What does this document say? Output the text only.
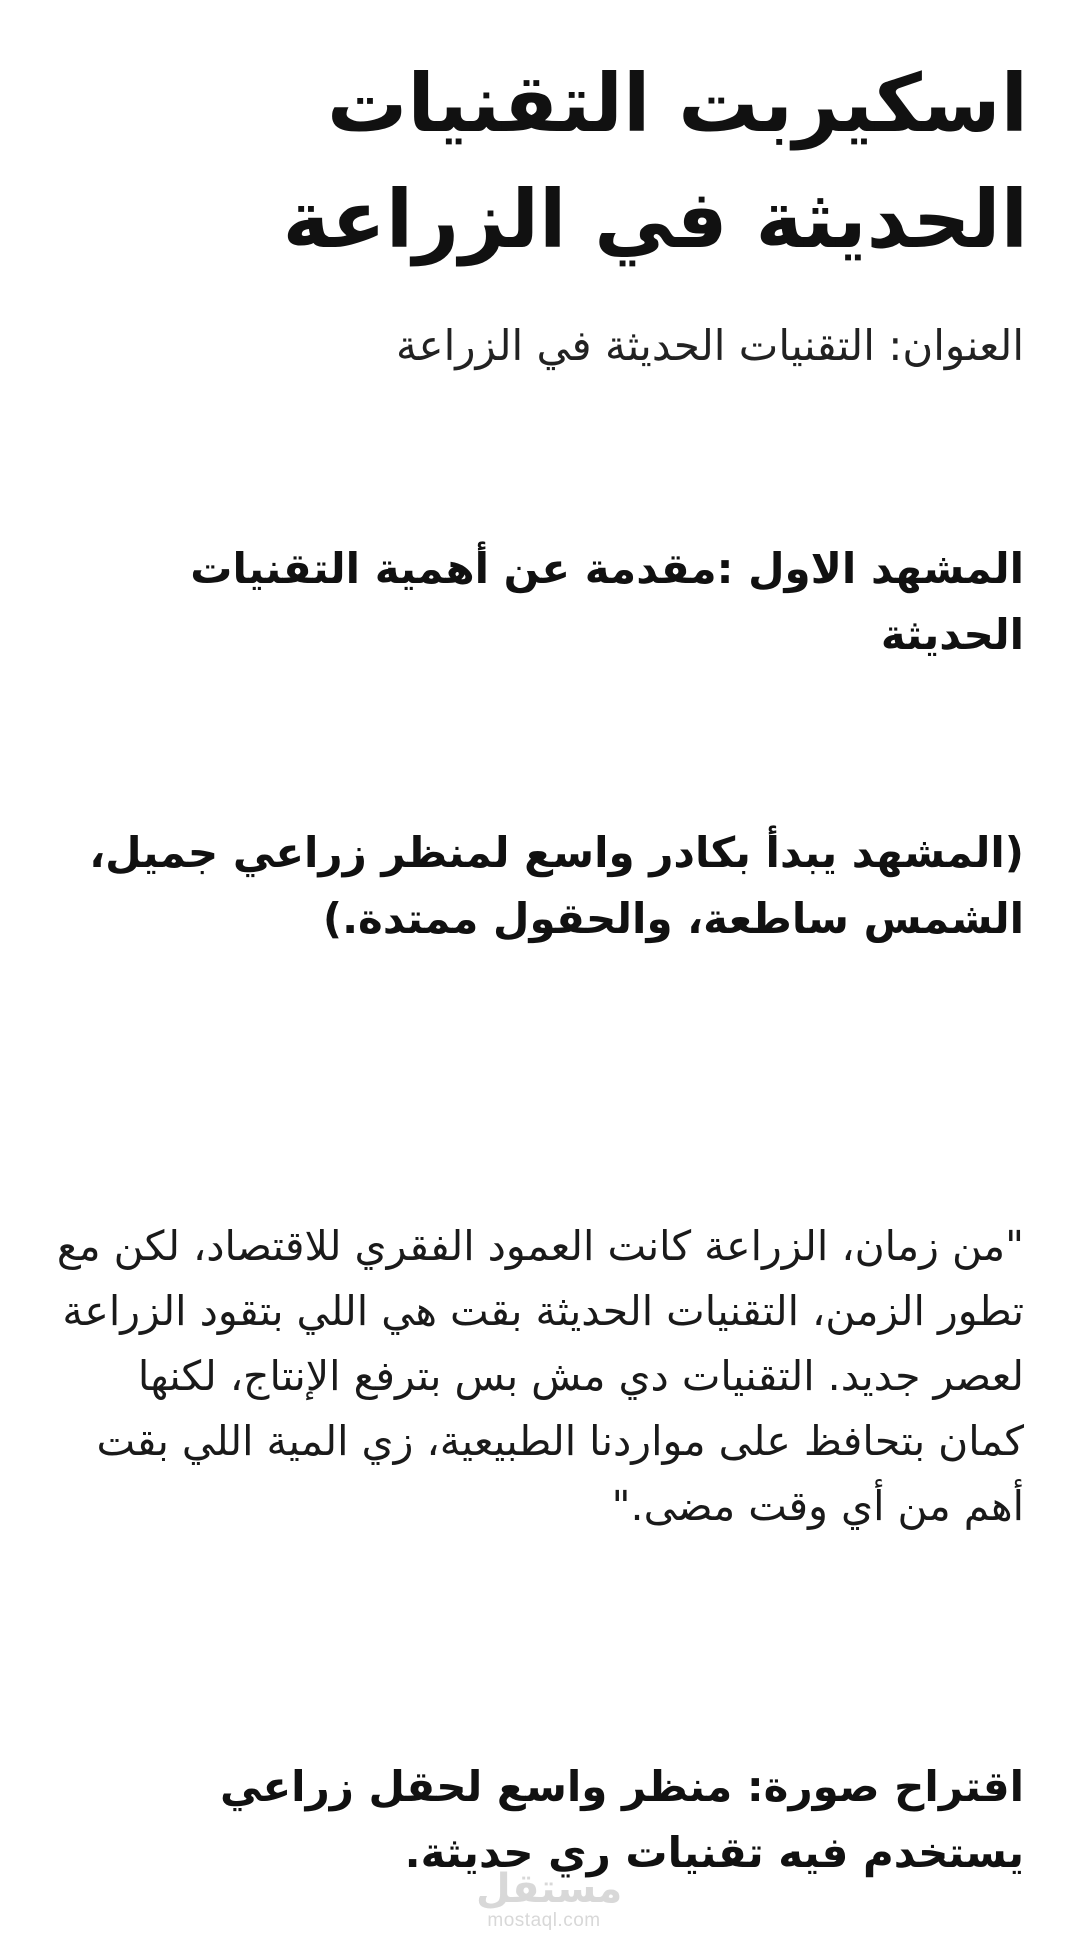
اسكيربت التقنيات الحديثة في الزراعة

العنوان: التقنيات الحديثة في الزراعة

المشهد الاول :مقدمة عن أهمية التقنيات الحديثة

(المشهد يبدأ بكادر واسع لمنظر زراعي جميل، الشمس ساطعة، والحقول ممتدة.)

"من زمان، الزراعة كانت العمود الفقري للاقتصاد، لكن مع تطور الزمن، التقنيات الحديثة بقت هي اللي بتقود الزراعة لعصر جديد. التقنيات دي مش بس بترفع الإنتاج، لكنها كمان بتحافظ على مواردنا الطبيعية، زي المية اللي بقت أهم من أي وقت مضى."

اقتراح صورة: منظر واسع لحقل زراعي يستخدم فيه تقنيات ري حديثة.

مستقل
mostaql.com
